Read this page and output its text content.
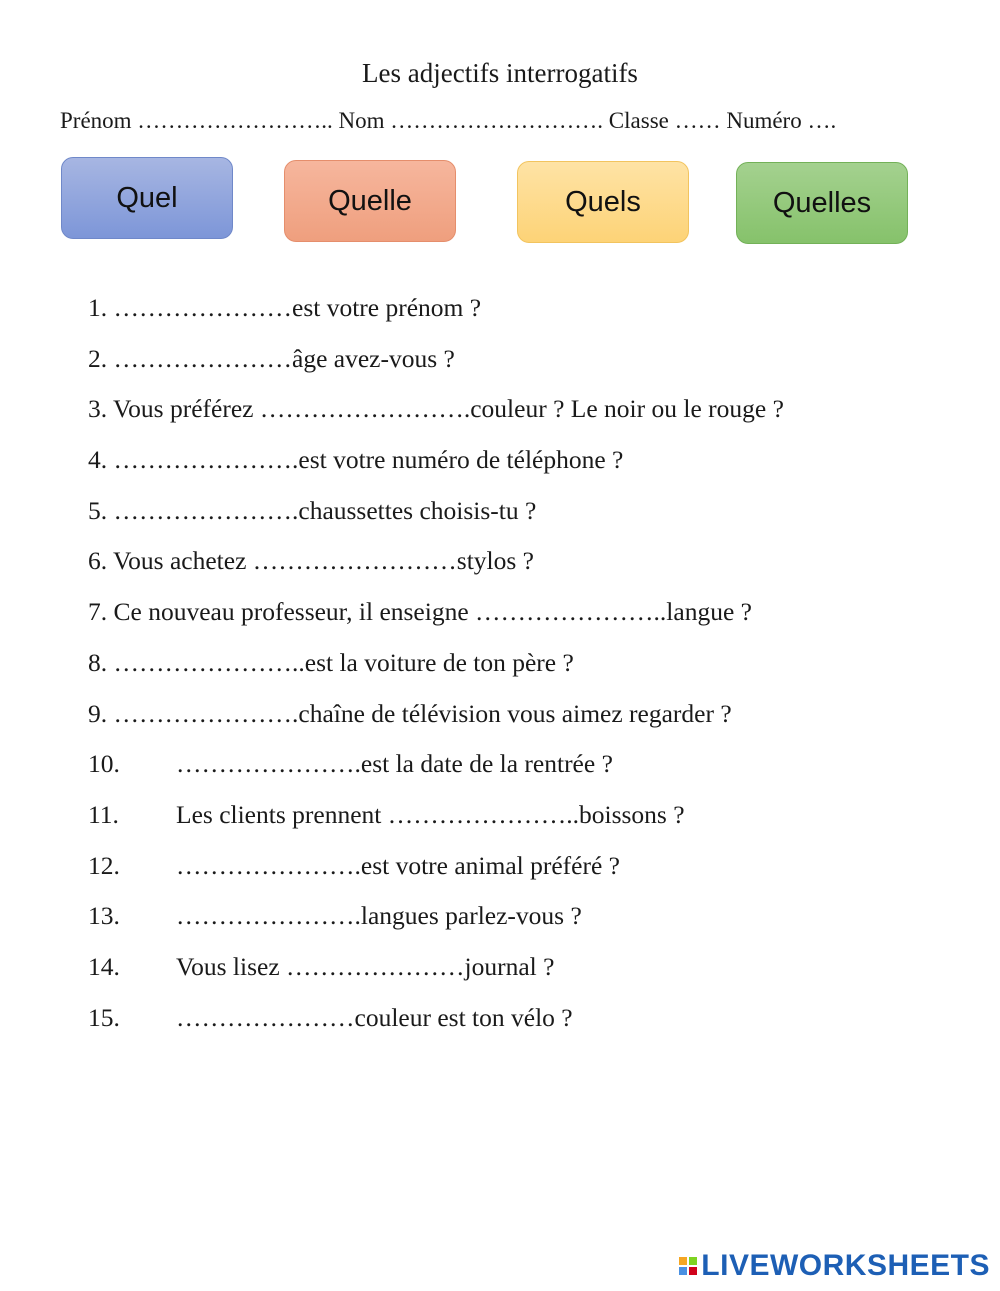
Les adjectifs interrogatifs
Prénom …………………….. Nom ………………………. Classe …… Numéro ….
Quel	Quelle	Quels	Quelles
1. …………………est votre prénom ?
2. …………………âge avez-vous ?
3. Vous préférez …………………….couleur ? Le noir ou le rouge ?
4. ………………….est votre numéro de téléphone ?
5. ………………….chaussettes choisis-tu ?
6. Vous achetez ……………………stylos ?
7. Ce nouveau professeur, il enseigne …………………..langue ?
8. …………………..est la voiture de ton père ?
9. ………………….chaîne de télévision vous aimez regarder ?
10. ………………….est la date de la rentrée ?
11. Les clients prennent …………………..boissons ?
12. ………………….est votre animal préféré ?
13. ………………….langues parlez-vous ?
14. Vous lisez …………………journal ?
15. …………………couleur est ton vélo ?
LIVEWORKSHEETS
